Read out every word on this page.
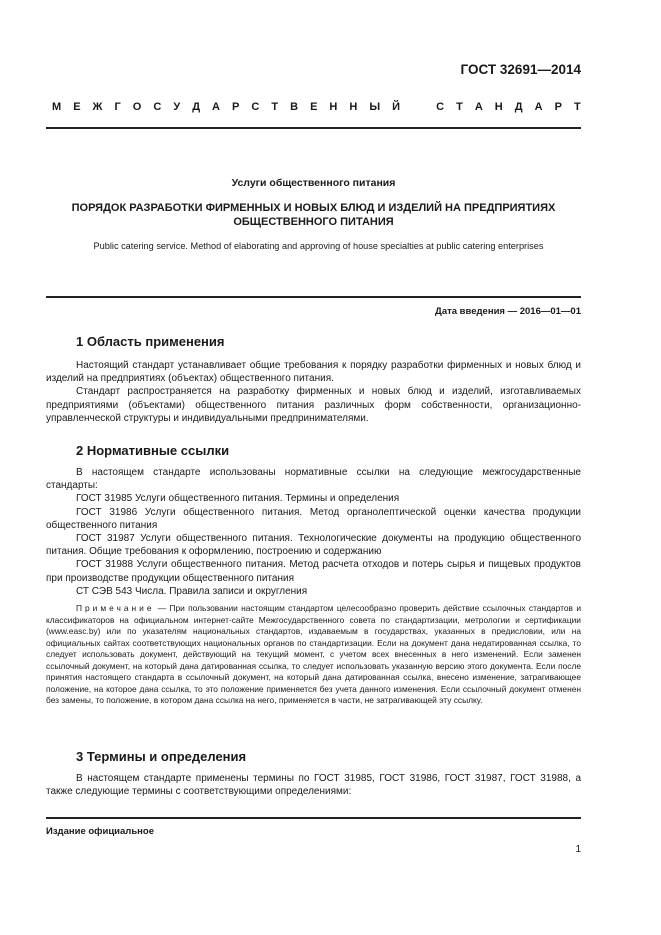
ГОСТ 32691—2014
М Е Ж Г О С У Д А Р С Т В Е Н Н Ы Й	С Т А Н Д А Р Т
Услуги общественного питания
ПОРЯДОК РАЗРАБОТКИ ФИРМЕННЫХ И НОВЫХ БЛЮД И ИЗДЕЛИЙ НА ПРЕДПРИЯТИЯХ ОБЩЕСТВЕННОГО ПИТАНИЯ
Public catering service. Method of elaborating and approving of house specialties at public catering enterprises
Дата введения — 2016—01—01
1 Область применения

Настоящий стандарт устанавливает общие требования к порядку разработки фирменных и новых блюд и изделий на предприятиях (объектах) общественного питания.

Стандарт распространяется на разработку фирменных и новых блюд и изделий, изготавливаемых предприятиями (объектами) общественного питания различных форм собственности, организационно-управленческой структуры и индивидуальными предпринимателями.

2 Нормативные ссылки

В настоящем стандарте использованы нормативные ссылки на следующие межгосударственные стандарты:

ГОСТ 31985 Услуги общественного питания. Термины и определения

ГОСТ 31986 Услуги общественного питания. Метод органолептической оценки качества продукции общественного питания

ГОСТ 31987 Услуги общественного питания. Технологические документы на продукцию общественного питания. Общие требования к оформлению, построению и содержанию

ГОСТ 31988 Услуги общественного питания. Метод расчета отходов и потерь сырья и пищевых продуктов при производстве продукции общественного питания

СТ СЭВ 543 Числа. Правила записи и округления

Примечание — При пользовании настоящим стандартом целесообразно проверить действие ссылочных стандартов и классификаторов на официальном интернет-сайте Межгосударственного совета по стандартизации, метрологии и сертификации (www.easc.by) или по указателям национальных стандартов, издаваемым в государствах, указанных в предисловии, или на официальных сайтах соответствующих национальных органов по стандартизации. Если на документ дана недатированная ссылка, то следует использовать документ, действующий на текущий момент, с учетом всех внесенных в него изменений. Если заменен ссылочный документ, на который дана датированная ссылка, то следует использовать указанную версию этого документа. Если после принятия настоящего стандарта в ссылочный документ, на который дана датированная ссылка, внесено изменение, затрагивающее положение, на которое дана ссылка, то это положение применяется без учета данного изменения. Если ссылочный документ отменен без замены, то положение, в котором дана ссылка на него, применяется в части, не затрагивающей эту ссылку.

3 Термины и определения

В настоящем стандарте применены термины по ГОСТ 31985, ГОСТ 31986, ГОСТ 31987, ГОСТ 31988, а также следующие термины с соответствующими определениями:

Издание официальное
1
